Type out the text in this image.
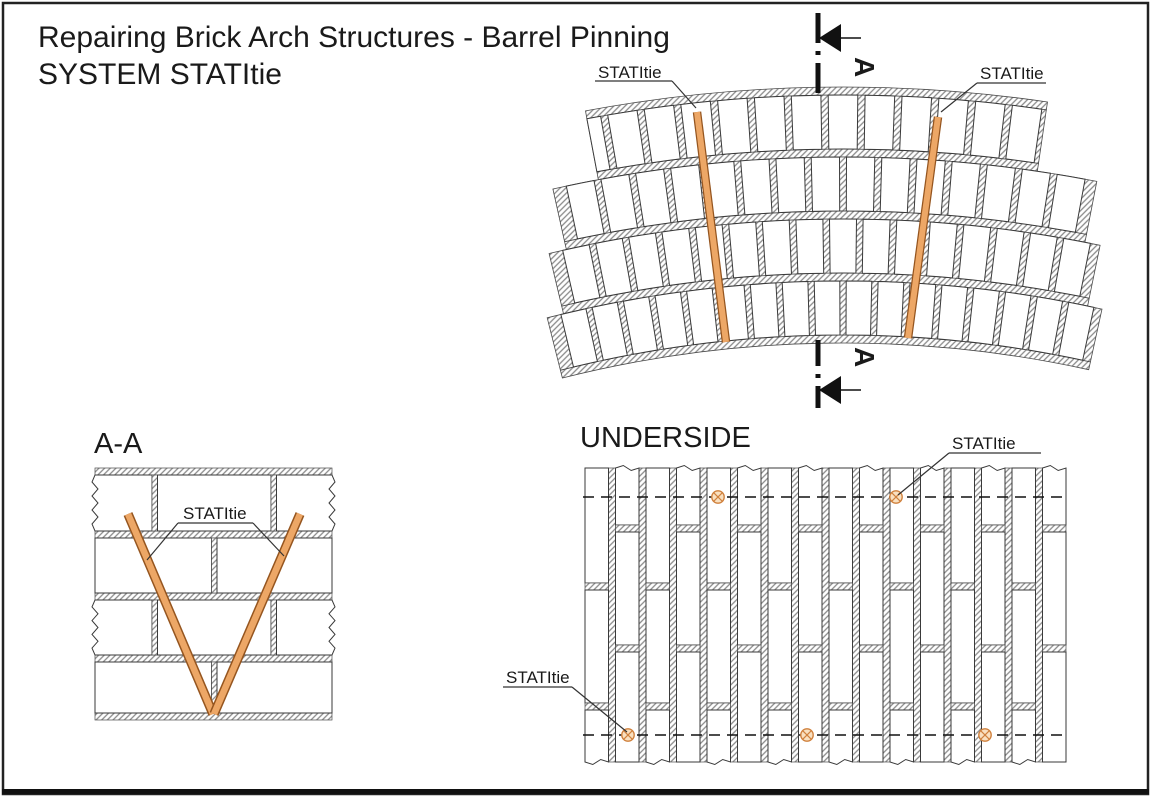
Repairing Brick Arch Structures - Barrel Pinning
SYSTEM STATItie	A
A
A-A	UNDERSIDE
STATItie	STATItie
STATItie
STATItie
STATItie
